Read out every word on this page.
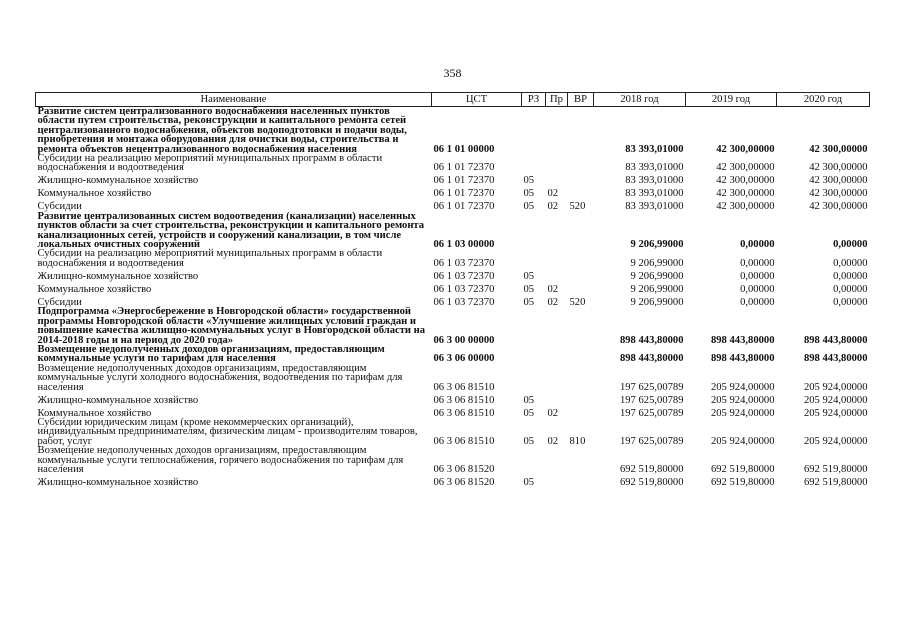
358
Наименование	ЦСТ	РЗ	Пр	ВР	2018 год	2019 год	2020 год
Развитие систем централизованного водоснабжения населенных пунктов области путем строительства, реконструкции и капитального ремонта сетей централизованного водоснабжения, объектов водоподготовки и подачи воды, приобретения и монтажа оборудования для очистки воды, строительства и ремонта объектов нецентрализованного водоснабжения населения	06 1 01 00000				83 393,01000	42 300,00000	42 300,00000
Субсидии на реализацию мероприятий муниципальных программ в области водоснабжения и водоотведения	06 1 01 72370				83 393,01000	42 300,00000	42 300,00000
Жилищно-коммунальное хозяйство	06 1 01 72370	05			83 393,01000	42 300,00000	42 300,00000
Коммунальное хозяйство	06 1 01 72370	05	02		83 393,01000	42 300,00000	42 300,00000
Субсидии	06 1 01 72370	05	02	520	83 393,01000	42 300,00000	42 300,00000
Развитие централизованных систем водоотведения (канализации) населенных пунктов области за счет строительства, реконструкции и капитального ремонта канализационных сетей, устройств и сооружений канализации, в том числе локальных очистных сооружений	06 1 03 00000				9 206,99000	0,00000	0,00000
Субсидии на реализацию мероприятий муниципальных программ в области водоснабжения и водоотведения	06 1 03 72370				9 206,99000	0,00000	0,00000
Жилищно-коммунальное хозяйство	06 1 03 72370	05			9 206,99000	0,00000	0,00000
Коммунальное хозяйство	06 1 03 72370	05	02		9 206,99000	0,00000	0,00000
Субсидии	06 1 03 72370	05	02	520	9 206,99000	0,00000	0,00000
Подпрограмма «Энергосбережение в Новгородской области» государственной программы Новгородской области «Улучшение жилищных условий граждан и повышение качества жилищно-коммунальных услуг в Новгородской области на 2014-2018 годы и на период до 2020 года»	06 3 00 00000				898 443,80000	898 443,80000	898 443,80000
Возмещение недополученных доходов организациям, предоставляющим коммунальные услуги по тарифам для населения	06 3 06 00000				898 443,80000	898 443,80000	898 443,80000
Возмещение недополученных доходов организациям, предоставляющим коммунальные услуги холодного водоснабжения, водоотведения по тарифам для населения	06 3 06 81510				197 625,00789	205 924,00000	205 924,00000
Жилищно-коммунальное хозяйство	06 3 06 81510	05			197 625,00789	205 924,00000	205 924,00000
Коммунальное хозяйство	06 3 06 81510	05	02		197 625,00789	205 924,00000	205 924,00000
Субсидии юридическим лицам (кроме некоммерческих организаций), индивидуальным предпринимателям, физическим лицам - производителям товаров, работ, услуг	06 3 06 81510	05	02	810	197 625,00789	205 924,00000	205 924,00000
Возмещение недополученных доходов организациям, предоставляющим коммунальные услуги теплоснабжения, горячего водоснабжения по тарифам для населения	06 3 06 81520				692 519,80000	692 519,80000	692 519,80000
Жилищно-коммунальное хозяйство	06 3 06 81520	05			692 519,80000	692 519,80000	692 519,80000
